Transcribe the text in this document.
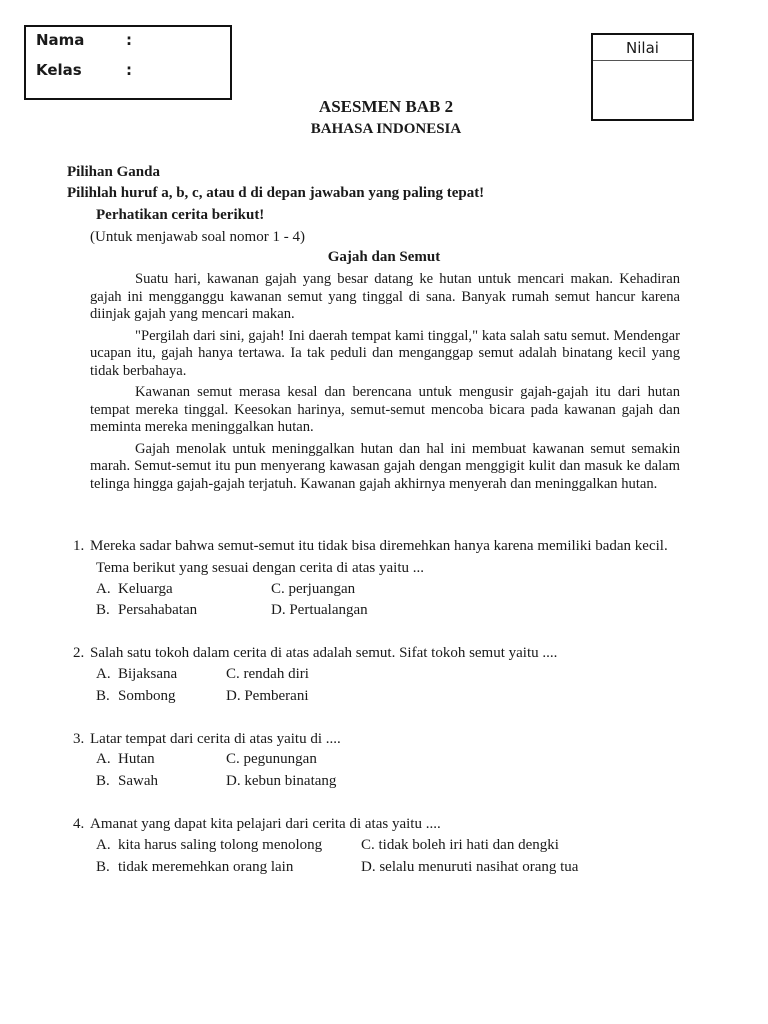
Nama	:
Kelas	:
Nilai
ASESMEN BAB 2
BAHASA INDONESIA
Pilihan Ganda
Pilihlah huruf a, b, c, atau d di depan jawaban yang paling tepat!
Perhatikan cerita berikut!
(Untuk menjawab soal nomor 1 - 4)
Gajah dan Semut

Suatu hari, kawanan gajah yang besar datang ke hutan untuk mencari makan. Kehadiran gajah ini mengganggu kawanan semut yang tinggal di sana. Banyak rumah semut hancur karena diinjak gajah yang mencari makan.

"Pergilah dari sini, gajah! Ini daerah tempat kami tinggal," kata salah satu semut. Mendengar ucapan itu, gajah hanya tertawa. Ia tak peduli dan menganggap semut adalah binatang kecil yang tidak berbahaya.

Kawanan semut merasa kesal dan berencana untuk mengusir gajah-gajah itu dari hutan tempat mereka tinggal. Keesokan harinya, semut-semut mencoba bicara pada kawanan gajah dan meminta mereka meninggalkan hutan.

Gajah menolak untuk meninggalkan hutan dan hal ini membuat kawanan semut semakin marah. Semut-semut itu pun menyerang kawasan gajah dengan menggigit kulit dan masuk ke dalam telinga hingga gajah-gajah terjatuh. Kawanan gajah akhirnya menyerah dan meninggalkan hutan.

1. Mereka sadar bahwa semut-semut itu tidak bisa diremehkan hanya karena memiliki badan kecil.
Tema berikut yang sesuai dengan cerita di atas yaitu ...
A. Keluarga
B. Persahabatan
C. perjuangan
D. Pertualangan
2. Salah satu tokoh dalam cerita di atas adalah semut. Sifat tokoh semut yaitu ....
A. Bijaksana
B. Sombong
C. rendah diri
D. Pemberani
3. Latar tempat dari cerita di atas yaitu di ....
A. Hutan
B. Sawah
C. pegunungan
D. kebun binatang
4. Amanat yang dapat kita pelajari dari cerita di atas yaitu ....
A. kita harus saling tolong menolong
B. tidak meremehkan orang lain
C. tidak boleh iri hati dan dengki
D. selalu menuruti nasihat orang tua
